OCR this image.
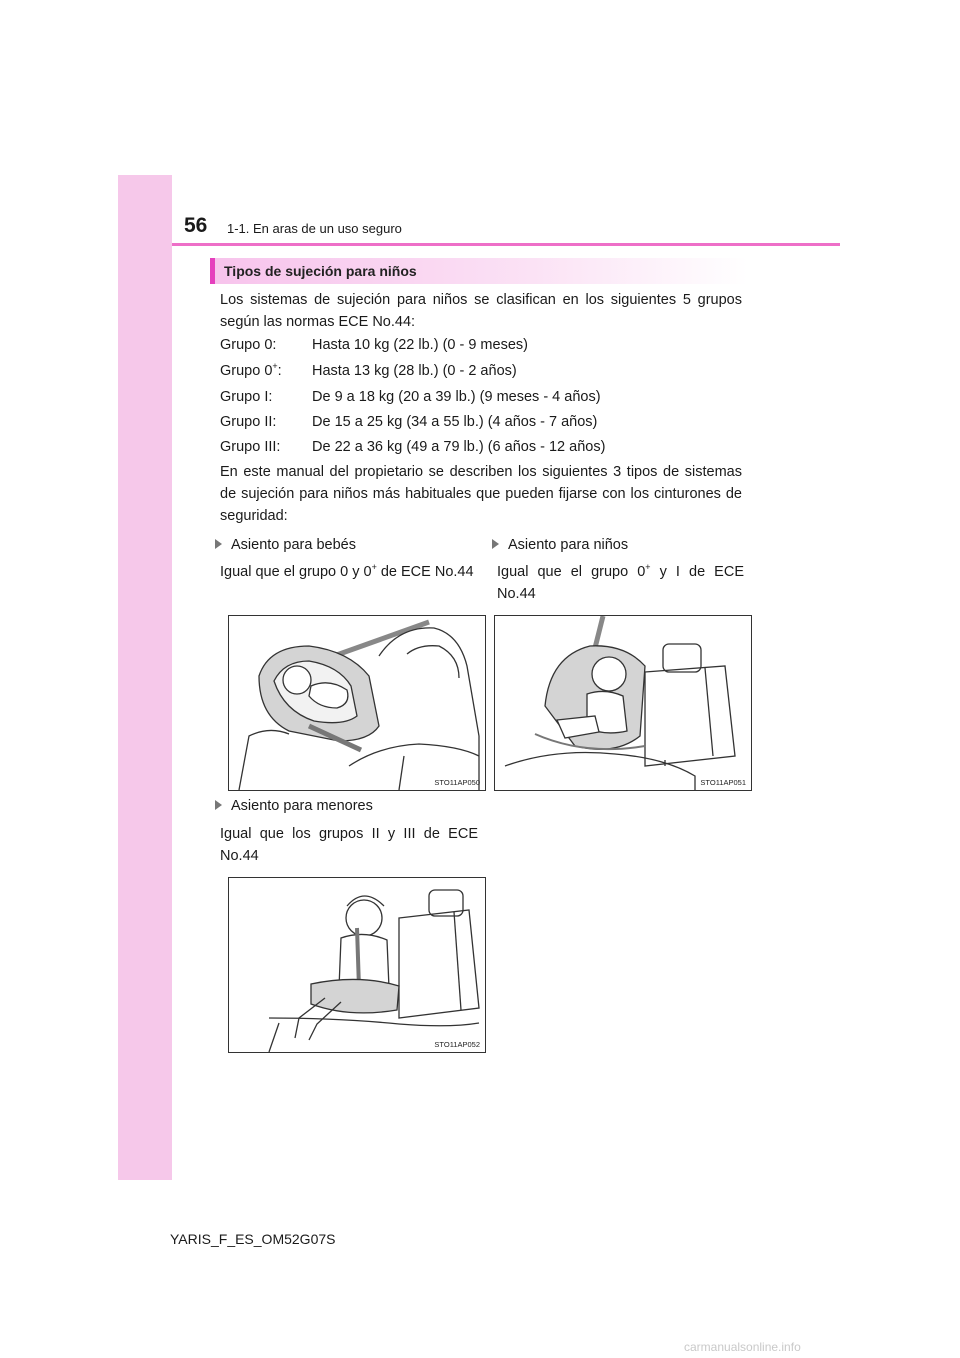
56 1-1. En aras de un uso seguro
Tipos de sujeción para niños
Los sistemas de sujeción para niños se clasifican en los siguientes 5 grupos según las normas ECE No.44:
Grupo 0: Hasta 10 kg (22 lb.) (0 - 9 meses)
Grupo 0+: Hasta 13 kg (28 lb.) (0 - 2 años)
Grupo I:	De 9 a 18 kg (20 a 39 lb.) (9 meses - 4 años)
Grupo II: De 15 a 25 kg (34 a 55 lb.) (4 años - 7 años)
Grupo III: De 22 a 36 kg (49 a 79 lb.) (6 años - 12 años)
En este manual del propietario se describen los siguientes 3 tipos de sistemas de sujeción para niños más habituales que pueden fijarse con los cinturones de seguridad:
Asiento para bebés
Igual que el grupo 0 y 0+ de ECE No.44
Asiento para niños
Igual que el grupo 0+ y I de ECE No.44
STO11AP050	STO11AP051
Asiento para menores
Igual que los grupos II y III de ECE No.44
STO11AP052
YARIS_F_ES_OM52G07S
carmanualsonline.info
